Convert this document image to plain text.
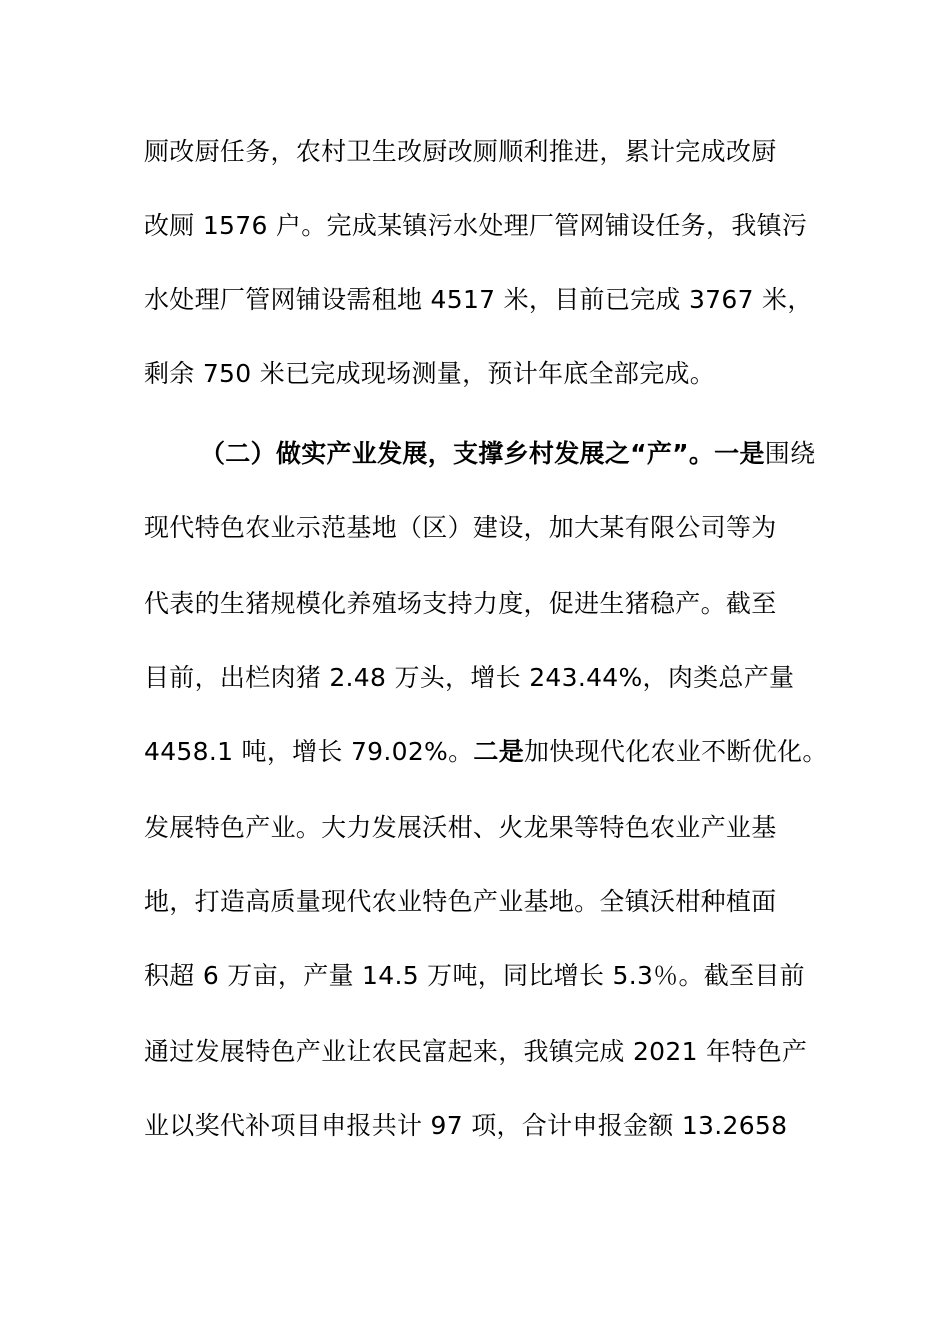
厕改厨任务，农村卫生改厨改厕顺利推进，累计完成改厨
改厕 1576 户。完成某镇污水处理厂管网铺设任务，我镇污
水处理厂管网铺设需租地 4517 米，目前已完成 3767 米，
剩余 750 米已完成现场测量，预计年底全部完成。
（二）做实产业发展，支撑乡村发展之“产”。一是围绕
现代特色农业示范基地（区）建设，加大某有限公司等为
代表的生猪规模化养殖场支持力度，促进生猪稳产。截至
目前，出栏肉猪 2.48 万头，增长 243.44%，肉类总产量
4458.1 吨，增长 79.02%。二是加快现代化农业不断优化。
发展特色产业。大力发展沃柑、火龙果等特色农业产业基
地，打造高质量现代农业特色产业基地。全镇沃柑种植面
积超 6 万亩，产量 14.5 万吨，同比增长 5.3％。截至目前
通过发展特色产业让农民富起来，我镇完成 2021 年特色产
业以奖代补项目申报共计 97 项，合计申报金额 13.2658
